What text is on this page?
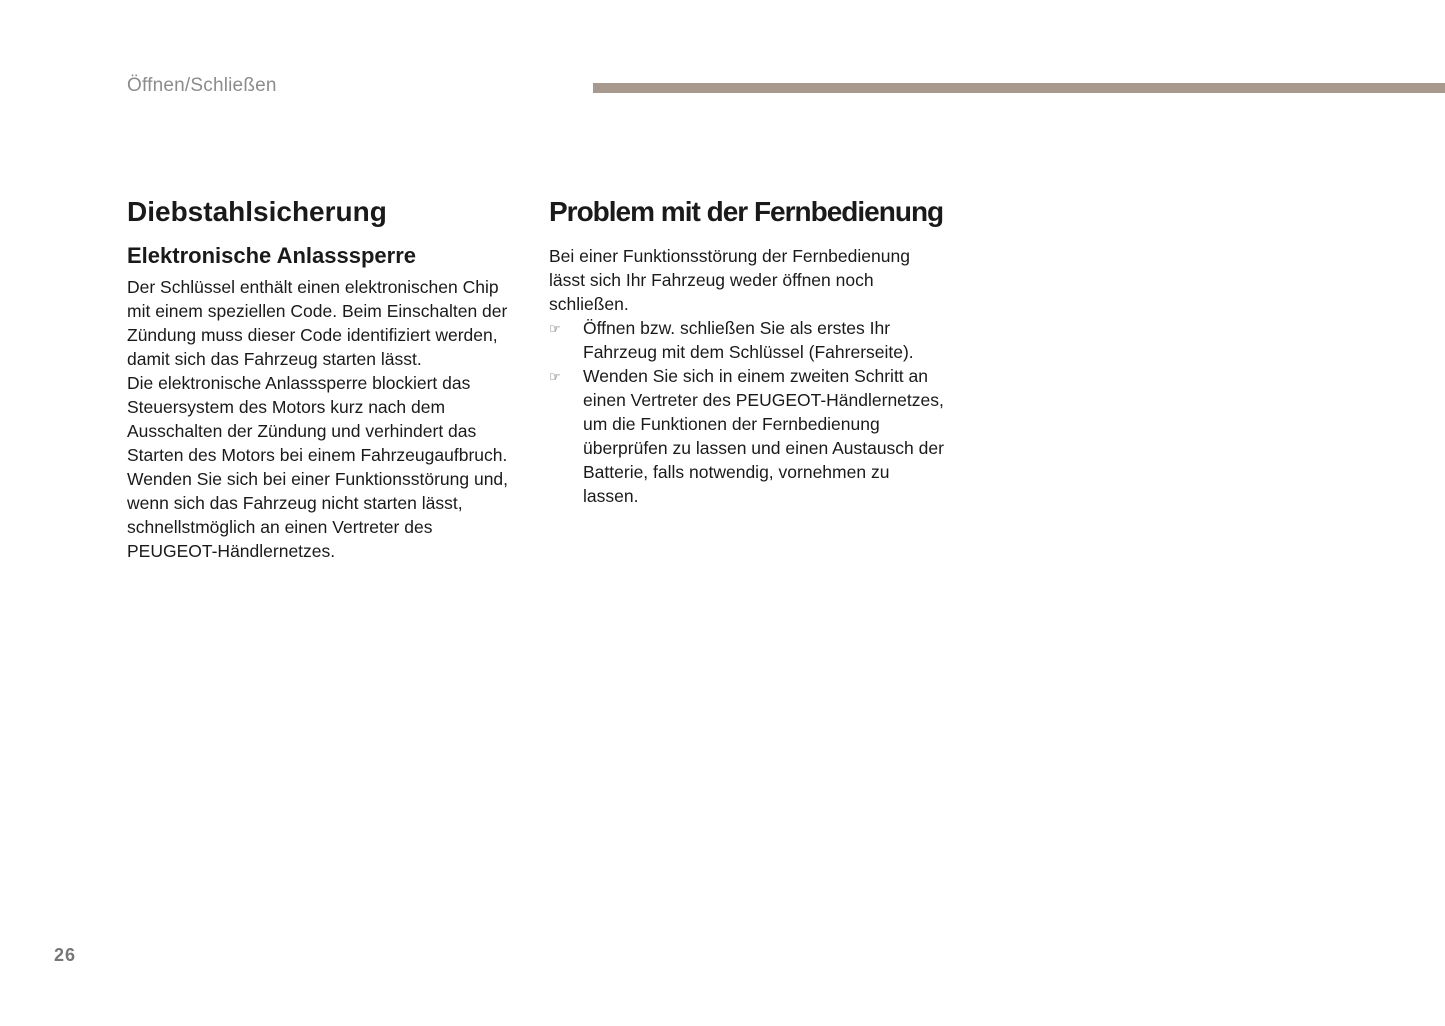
Öffnen/Schließen
Diebstahlsicherung
Elektronische Anlasssperre

Der Schlüssel enthält einen elektronischen Chip mit einem speziellen Code. Beim Einschalten der Zündung muss dieser Code identifiziert werden, damit sich das Fahrzeug starten lässt.

Die elektronische Anlasssperre blockiert das Steuersystem des Motors kurz nach dem Ausschalten der Zündung und verhindert das Starten des Motors bei einem Fahrzeugaufbruch.

Wenden Sie sich bei einer Funktionsstörung und, wenn sich das Fahrzeug nicht starten lässt, schnellstmöglich an einen Vertreter des PEUGEOT-Händlernetzes.

Problem mit der Fernbedienung

Bei einer Funktionsstörung der Fernbedienung lässt sich Ihr Fahrzeug weder öffnen noch schließen.

☞	Öffnen bzw. schließen Sie als erstes Ihr Fahrzeug mit dem Schlüssel (Fahrerseite).
☞	Wenden Sie sich in einem zweiten Schritt an einen Vertreter des PEUGEOT-Händlernetzes, um die Funktionen der Fernbedienung überprüfen zu lassen und einen Austausch der Batterie, falls notwendig, vornehmen zu lassen.
26
